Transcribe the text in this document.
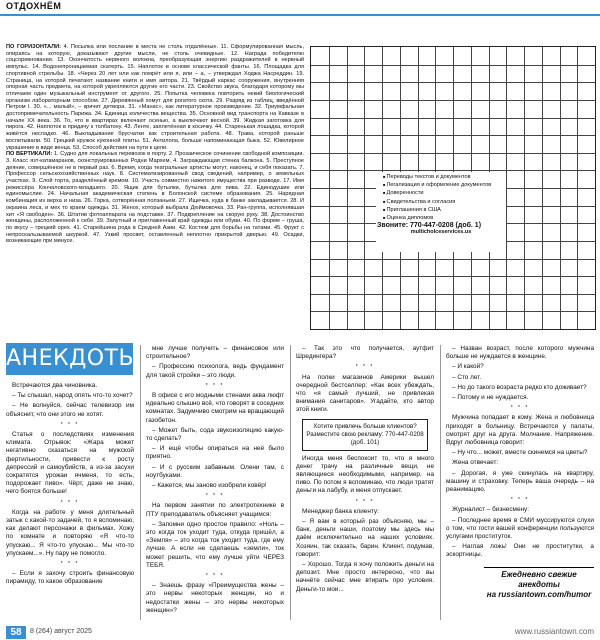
ОТДОХНЁМ
ПО ГОРИЗОНТАЛИ: 4. Посылка или послание в места не столь отдалённые. 11. Сформулированная мысль, опираясь на которую, доказывают другие мысли, не столь очевидные. 12. Награда победителю соцсоревнования. 13. Окончатость нервного волокна, преобразующая энергию раздражителей в нервный импульс. 14. Водонепроницаемая скатерть. 15. Наплоток в основе классической фанты. 16. Площадка для спортивной стрельбы. 18. «Через 20 лет или как помрёт или я, или – а, – утверждал Ходжа Насреддин. 19. Страница, на которой печатают название книги и имя автора. 21. Твёрдый каркас сооружения, внутренняя опорная часть предмета, на которой укрепляются другие его части. 23. Свойство звука, благодаря которому мы отличаем один музыкальный инструмент от другого. 25. Попытка человека повторить некий биологический организм лабораторным способом. 27. Деревянный хомут для рогатого скота. 29. Разряд из таблиц, введённой Петром I. 30. «... малый», – кричит детвора. 31. «Манас», как литературное произведение. 32. Триумфальная достопримечательность Парижа. 34. Единица количества вещества. 35. Основной вид транспорта на Кавказе в начале XX века. 36. То, что в квартирах включают осенью, а выключают весной. 39. Жидкая заготовка для пирога. 42. Наплоток в придачу к толбатону. 43. Ленте, заплетённая в косичку. 44. Старенькая лошадка, которой живётся несладко. 46. Выкладывание брусчатки как строительная работа. 48. Трава, которой раньше воспитывали. 50. Грецкий кружок куконной плиты. 51. Антилопа, больше напоминающая быка. 52. Ювелирное украшение в виде венца. 53. Способ действия на пути к цели.
ПО ВЕРТИКАЛИ: 1. Судно для локальных перевозок в порту. 2. Прозаическое сочинение свободной композиции. 3. Класс язт-катамаранов, сконструированных Родни Мархем. 4. Заграждающая стенка балкона. 5. Преступное деяние, совершённое не в первый раз. 6. Время, когда театральные артисты могут, наконец, и себя показать. 7. Профессор сельскохозяйственных наук. 8. Систематизированный свод сведений, например, о земельных участках. 9. Слой торта, разделённый кремом. 10. Участь совместно нажитого имущества при разводе. 17. Имя режиссёра Кончаловского-младшего. 20. Ящик для бутылки, бутылка для пива. 22. Единодушие или единомыслие. 24. Начальная академическая степень в Болонской системе образования. 25. Нарядная комбинация из верха и низа. 26. Горка, сотворённая ползаньем. 27. Ищечка, куда в банке закладывается. 28. И окраина леса, и мех то краем одежды. 31. Женох, который выбрала Дюймовочка. 33. Ран-группа, исполнявшая хит «Я свободен». 36. Штатив фотоаппарата на подставке. 37. Подкрепление на скорую руку. 38. Достоинство женщины, расположенной к себе. 39. Запутный и приглаженный край одежды или обуви. 40. По форме – груша, по вкусу – грецкий орех. 41. Старейшина рода в Средней Азии. 42. Костюм для борьбы на татами. 45. Фрукт с непроскальзываемой шкуркой. 47. Узкий просвет, оставленный неплотно прикрытой дверью. 49. Осадки, возникающие при минусе.
■ Переводы текстов и документов
■ Легализация и оформление документов
■ Доверенности
■ Свидетельства и согласия
■ Приглашения в США
■ Оценка дипломов
Звоните: 770-447-0208 (доб. 1)
multicholceservices.us
АНЕКДОТЫ

Встречаются два чиновника.

– Ты слышал, народ опять что-то хочет?

– Не волнуйся, сейчас телевизор им объяснит, что они этого не хотят.

* * *

Статья о последствиях изменения климата. Отрывок: «Жара может негативно сказаться на мужской фертильности, привести к росту депрессий и самоубийств, а из-за засухи сократятся урожаи ячменя, то есть, подорожает пиво». Чёрт, даже не знаю, чего боятся больше!

* * *

Когда на работе у меня длительный затык с какой-то задачей, то я вспоминаю, как делают персонажи в фильмах. Хожу по комнате и повторяю «Я что-то упускаю... Я что-то упускаю... Мы что-то упускаем...». Ну пару не помогло.

* * *

– Если я захочу строить финансовую пирамиду, то какое образование

мне лучше получить – финансовое или строительное?

– Профессию психолога, ведь фундамент для такой стройки – это люди.

* * *

В офисе с его модными стенами аква люфт идеально слышно всё, что говорят в соседних комнатах. Задумчиво смотрим на вращающий газобетон.

– Может быть, сода звукоизоляцию какую-то сделать?

– И ещё чтобы опираться на неё было приятно.

– И с русским забавным. Олени там, с ноутбуками.

– Кажется, мы заново изобрели ковёр!

* * *

На первом занятии по электротехнике в ПТУ преподаватель объясняет учащимся:

– Запомни одно простое правило: «Ноль – это когда ток уходит туда, откуда пришёл, а «Земля» – это когда ток уходит туда, где ему лучше. А если не сделаешь «земли», ток может решить, что ему лучше уйти ЧЕРЕЗ ТЕБЯ.

* * *

– Знаешь фразу «Преимущества жены – это нервы некоторых женщин, но и недостатки жены – это нервы некоторых женщин»?

– Так это что получается, аутфит Шредингера?

* * *

На полки магазинов Америки вышел очередной бестселлер: «Как всех убеждать, что «я самый лучший, не привлекая внимания санитаров». Угадайте, кто автор этой книги.

Хотите привлечь больше клиентов? Разместите свою рекламу: 770-447-0208 (доб. 101)

Иногда меня беспокоит то, что я много денег трачу на различные вещи, не являющиеся необходимыми, например, на пиво. По потом я вспоминаю, что люди тратят деньги на лабубу, и меня отпускает.

* * *

Менеджер банка клиенту:

– Я вам в который раз объясняю, мы – банк, деньги наши, поэтому мы здесь мы даём исключительно на наших условиях. Хозяин, так сказать, барин. Клиент, подумав, говорит:

– Хорошо. Тогда я хочу положить деньги на депозит. Мне просто интересно, что вы начнёте сейчас мне втирать про условия. Деньги-то мои...

– Назван возраст, после которого мужчина больше не нуждается в женщине.

– И какой?

– Сто лет.

– Но до такого возраста редко кто доживает?

– Потому и не нуждается.

* * *

Мужчина попадает в кому. Жена и любовница приходят в больницу. Встречаются у палаты, смотрят друг на друга. Молчание. Напряжение. Вдруг любовница говорит:

– Ну что... может, вместе скинемся на цветы?

Жена отвечает:

– Дорогая, я уже скинулась на квартиру, машину и страховку. Теперь ваша очередь – на реанимацию.

* * *

Журналист – бизнесмену:

– Последнее время в СМИ муссируются слухи о том, что гости вашей конференции пользуются услугами проституток.

– Наглая ложь! Они не проститутки, а эскортницы.

Ежедневно свежие анекдоты
на russiantown.com/humor
58	8 (264) август 2025	www.russiantown.com
